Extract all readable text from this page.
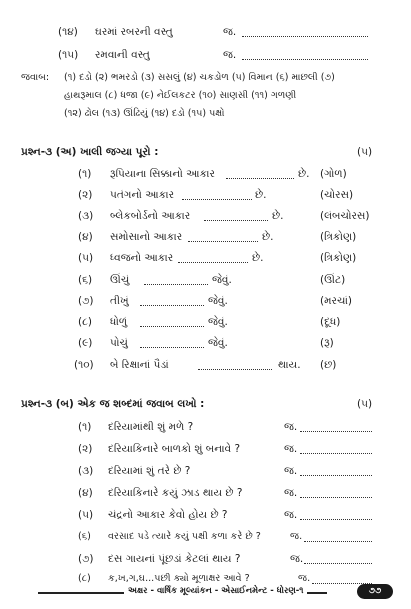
(૧૪) ઘરમાં રબરની વસ્તુ	જ.
(૧૫) રમવાની વસ્તુ	જ.
જવાબ: (૧) દડો (૨) ભમરડો (૩) સસલું (૪) ચકડોળ (૫) વિમાન (૬) માછલી (૭)
હાથરૂમાલ (૮) ધજા (૯) નેઈલકટર (૧૦) સાણસી (૧૧) ગળણી
(૧૨) ઢોલ (૧૩) ઊંઢિયું (૧૪) દડો (૧૫) પક્ષો
પ્રશ્ન-૩ (અ) ખાલી જગ્યા પૂરો :	(૫)
(૧) રૂપિયાના સિક્કાનો આકાર	છે. (ગોળ)
(૨) પતંગનો આકાર	છે.	(ચોરસ)
(૩) બ્લેકબોર્ડનો આકાર	છે.	(લંબચોરસ)
(૪) સમોસાનો આકાર	છે.	(ત્રિકોણ)
(૫) ધ્વજનો આકાર	છે.	(ત્રિકોણ)
(૬) ઊંચું	જેવું.	(ઊંટ)
(૭) તીખું	જેવું.	(મરચાં)
(૮) ધોળું	જેવું.	(દૂધ)
(૯) પોચું	જેવું.	(રૂ)
(૧૦) બે રિક્ષાનાં પૈડાં	થાય. (છ)
પ્રશ્ન-૩ (બ) એક જ શબ્દમાં જવાબ લખો :	(૫)
(૧) દરિયામાંથી શું મળે ?	જ.
(૨) દરિયાકિનારે બાળકો શું બનાવે ?	જ.
(૩) દરિયામાં શું તરે છે ?	જ.
(૪) દરિયાકિનારે કયું ઝાડ થાય છે ?	જ.
(૫) ચંદ્રનો આકાર કેવો હોય છે ?	જ.
(૬) વરસાદ પડે ત્યારે કયું પક્ષી કળા કરે છે ?	જ.
(૭) દસ ગાયનાં પૂંછડાં કેટલાં થાય ?	જ.
(૮) ક,ખ,ગ,ઘ...પછી ક્યો મૂળાક્ષર આવે ?	જ.
અક્ષર - વાર્ષિક મૂલ્યાંકન - એસાઈનમેન્ટ - ધોરણ-૧	૭૭
